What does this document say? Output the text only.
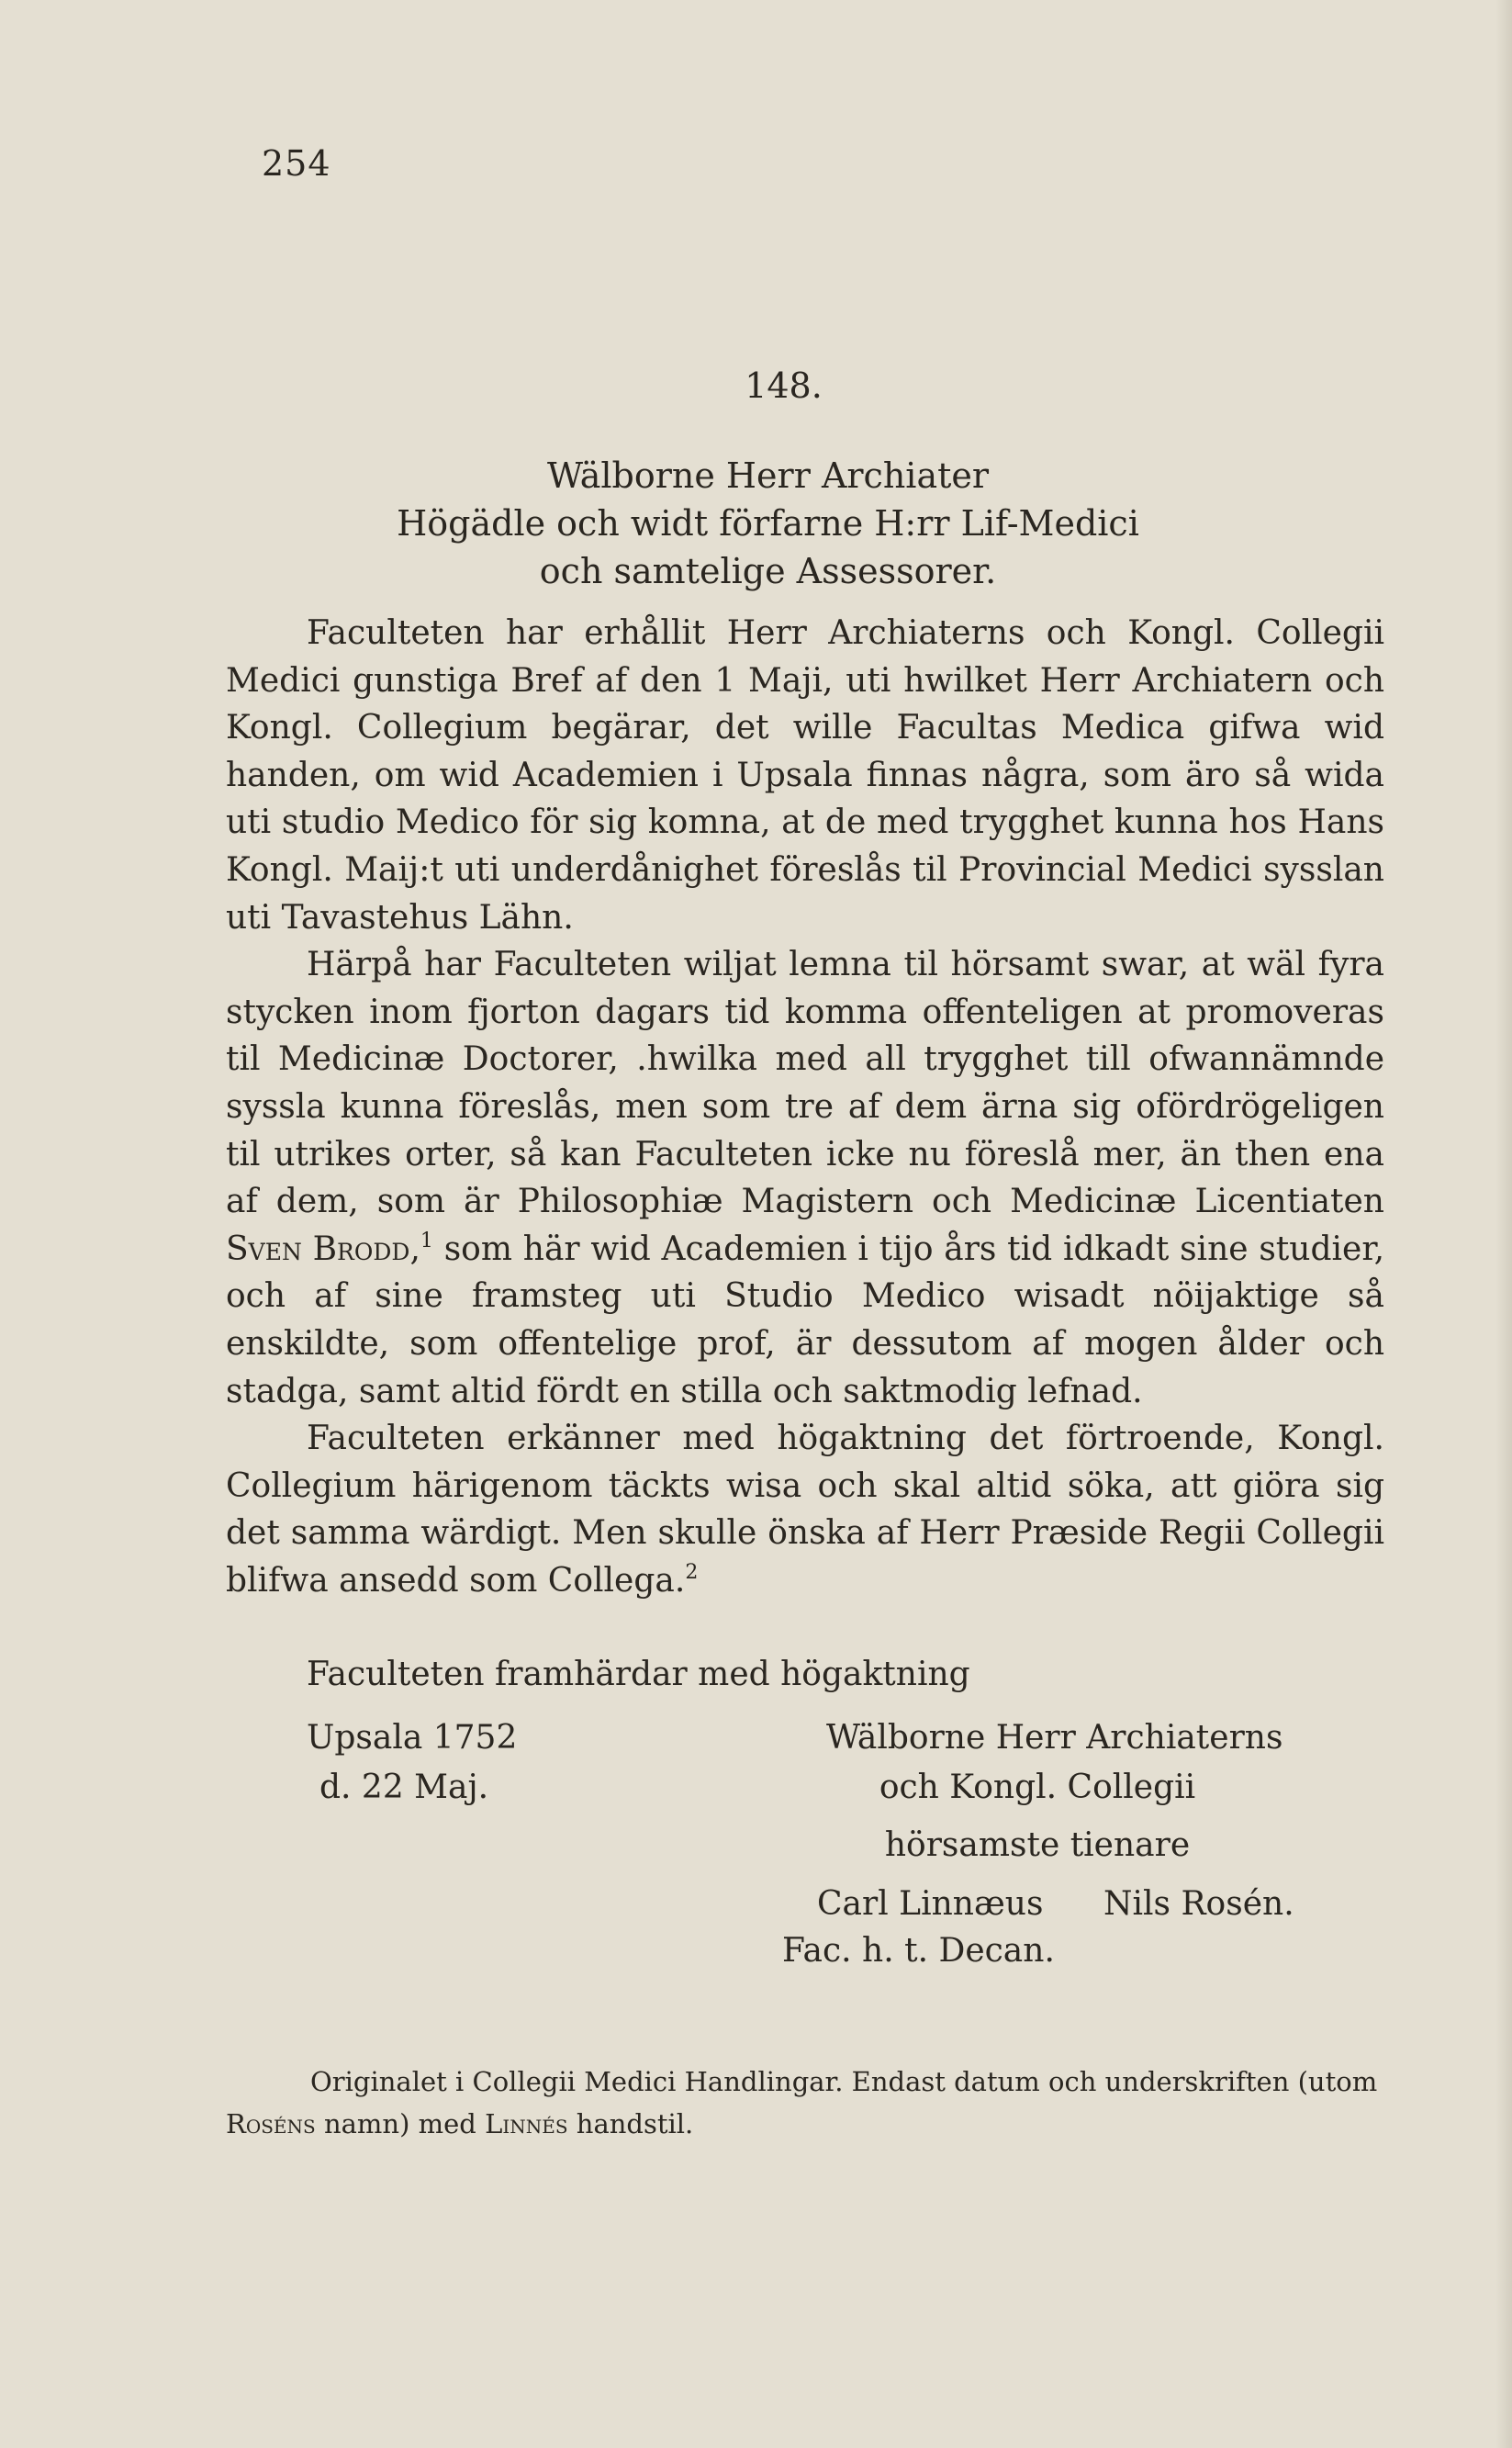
254
148.
Wälborne Herr Archiater
Högädle och widt förfarne H:rr Lif-Medici
och samtelige Assessorer.

Faculteten har erhållit Herr Archiaterns och Kongl. Collegii Medici gunstiga Bref af den 1 Maji, uti hwilket Herr Archiatern och Kongl. Collegium begärar, det wille Facultas Medica gifwa wid handen, om wid Academien i Upsala finnas några, som äro så wida uti studio Medico för sig komna, at de med trygghet kunna hos Hans Kongl. Maij:t uti underdånighet föreslås til Provincial Medici sysslan uti Tavastehus Lähn.

Härpå har Faculteten wiljat lemna til hörsamt swar, at wäl fyra stycken inom fjorton dagars tid komma offenteligen at promoveras til Medicinæ Doctorer, .hwilka med all trygghet till ofwannämnde syssla kunna föreslås, men som tre af dem ärna sig ofördrögeligen til utrikes orter, så kan Faculteten icke nu föreslå mer, än then ena af dem, som är Philosophiæ Magistern och Medicinæ Licentiaten Sven Brodd,$^1$ som här wid Academien i tijo års tid idkadt sine studier, och af sine framsteg uti Studio Medico wisadt nöijaktige så enskildte, som offentelige prof, är dessutom af mogen ålder och stadga, samt altid fördt en stilla och saktmodig lefnad.

Faculteten erkänner med högaktning det förtroende, Kongl. Collegium härigenom täckts wisa och skal altid söka, att giöra sig det samma wärdigt. Men skulle önska af Herr Præside Regii Collegii blifwa ansedd som Collega.$^2$

Faculteten framhärdar med högaktning
Upsala 1752
d. 22 Maj.
Wälborne Herr Archiaterns
och Kongl. Collegii
hörsamste tienare
Carl Linnæus Nils Rosén.
Fac. h. t. Decan.

Originalet i Collegii Medici Handlingar. Endast datum och underskriften (utom Roséns namn) med Linnés handstil.
